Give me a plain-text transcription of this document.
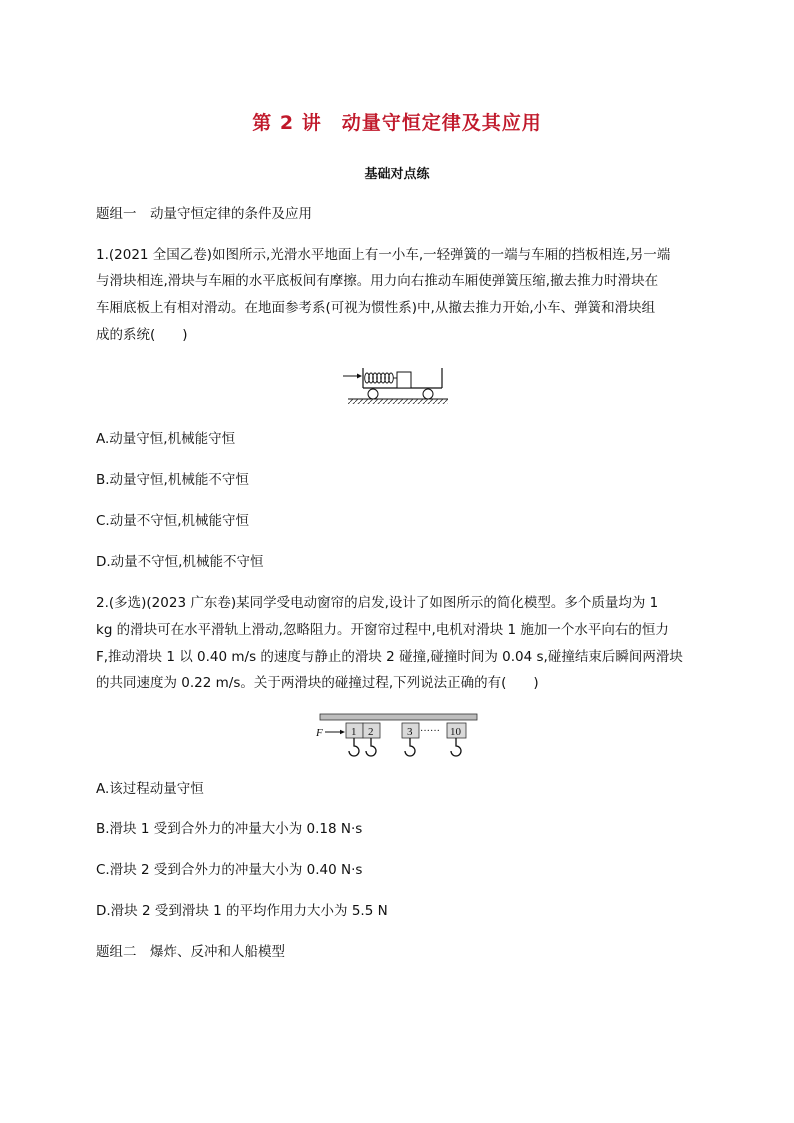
第 2 讲　动量守恒定律及其应用
基础对点练
题组一　动量守恒定律的条件及应用
1.(2021 全国乙卷)如图所示,光滑水平地面上有一小车,一轻弹簧的一端与车厢的挡板相连,另一端
与滑块相连,滑块与车厢的水平底板间有摩擦。用力向右推动车厢使弹簧压缩,撤去推力时滑块在
车厢底板上有相对滑动。在地面参考系(可视为惯性系)中,从撤去推力开始,小车、弹簧和滑块组
成的系统(　　)
A.动量守恒,机械能守恒
B.动量守恒,机械能不守恒
C.动量不守恒,机械能守恒
D.动量不守恒,机械能不守恒
2.(多选)(2023 广东卷)某同学受电动窗帘的启发,设计了如图所示的简化模型。多个质量均为 1
kg 的滑块可在水平滑轨上滑动,忽略阻力。开窗帘过程中,电机对滑块 1 施加一个水平向右的恒力
F,推动滑块 1 以 0.40 m/s 的速度与静止的滑块 2 碰撞,碰撞时间为 0.04 s,碰撞结束后瞬间两滑块
的共同速度为 0.22 m/s。关于两滑块的碰撞过程,下列说法正确的有(　　)
F	1 2	3 ······ 10
A.该过程动量守恒
B.滑块 1 受到合外力的冲量大小为 0.18 N·s
C.滑块 2 受到合外力的冲量大小为 0.40 N·s
D.滑块 2 受到滑块 1 的平均作用力大小为 5.5 N
题组二　爆炸、反冲和人船模型
